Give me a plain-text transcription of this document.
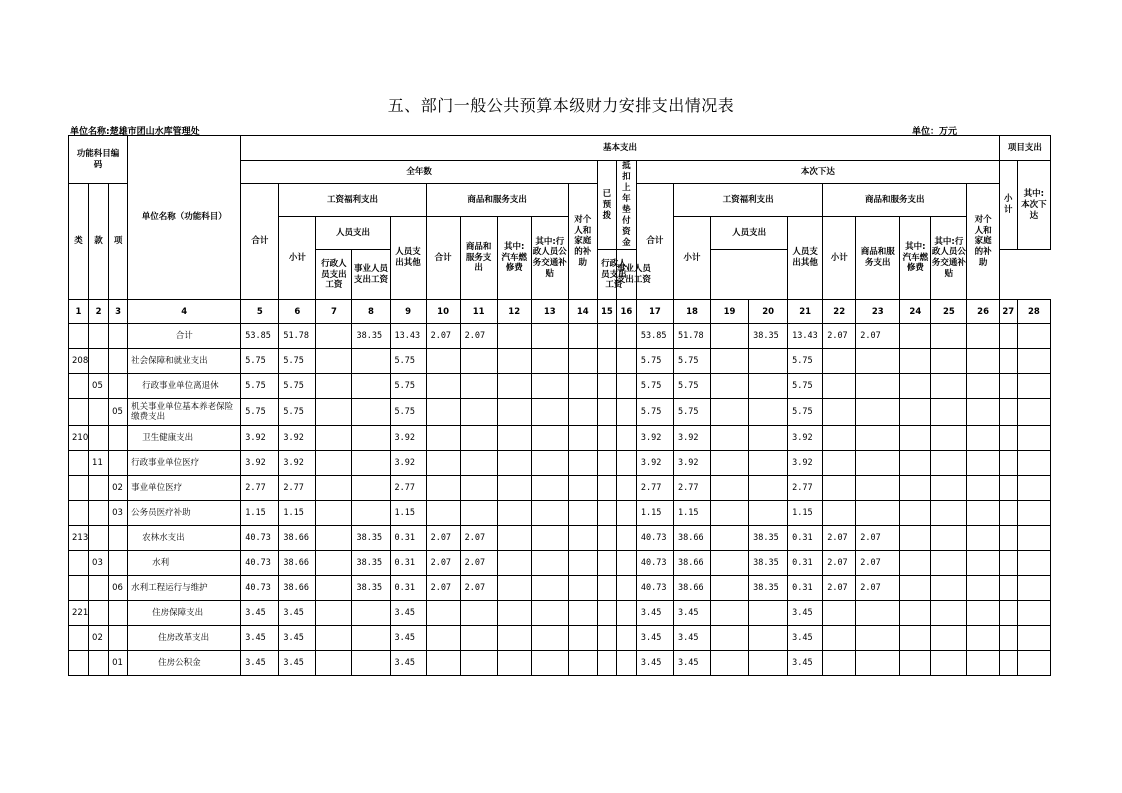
五、部门一般公共预算本级财力安排支出情况表
单位名称:楚雄市团山水库管理处	单位：万元
功能科目编码			单位名称（功能科目）	基本支出																						项目支出	
				全年数										已预拨	抵扣上年垫付资金	本次下达										小计	其中:本次下达
类	款	项		合计	工资福利支出				商品和服务支出				对个人和家庭的补助			合计	工资福利支出				商品和服务支出				对个人和家庭的补助		
					小计	人员支出		人员支出其他	合计	商品和服务支出	其中:汽车燃修费	其中:行政人员公务交通补贴					小计	人员支出		人员支出其他	小计	商品和服务支出	其中:汽车燃修费	其中:行政人员公务交通补贴			
						行政人员支出工资	事业人员支出工资							行政人员支出工资	事业人员支出工资												
1	2	3	4	5	6	7	8	9	10	11	12	13	14	15	16	17	18	19	20	21	22	23	24	25	26	27	28
			合计	53.85	51.78		38.35	13.43	2.07	2.07						53.85	51.78		38.35	13.43	2.07	2.07					
208			社会保障和就业支出	5.75	5.75			5.75								5.75	5.75			5.75							
	05		行政事业单位离退休	5.75	5.75			5.75								5.75	5.75			5.75							
		05	机关事业单位基本养老保险缴费支出	5.75	5.75			5.75								5.75	5.75			5.75							
210			卫生健康支出	3.92	3.92			3.92								3.92	3.92			3.92							
	11		行政事业单位医疗	3.92	3.92			3.92								3.92	3.92			3.92							
		02	事业单位医疗	2.77	2.77			2.77								2.77	2.77			2.77							
		03	公务员医疗补助	1.15	1.15			1.15								1.15	1.15			1.15							
213			农林水支出	40.73	38.66		38.35	0.31	2.07	2.07						40.73	38.66		38.35	0.31	2.07	2.07					
	03		水利	40.73	38.66		38.35	0.31	2.07	2.07						40.73	38.66		38.35	0.31	2.07	2.07					
		06	水利工程运行与维护	40.73	38.66		38.35	0.31	2.07	2.07						40.73	38.66		38.35	0.31	2.07	2.07					
221			住房保障支出	3.45	3.45			3.45								3.45	3.45			3.45							
	02		住房改革支出	3.45	3.45			3.45								3.45	3.45			3.45							
		01	住房公积金	3.45	3.45			3.45								3.45	3.45			3.45							
